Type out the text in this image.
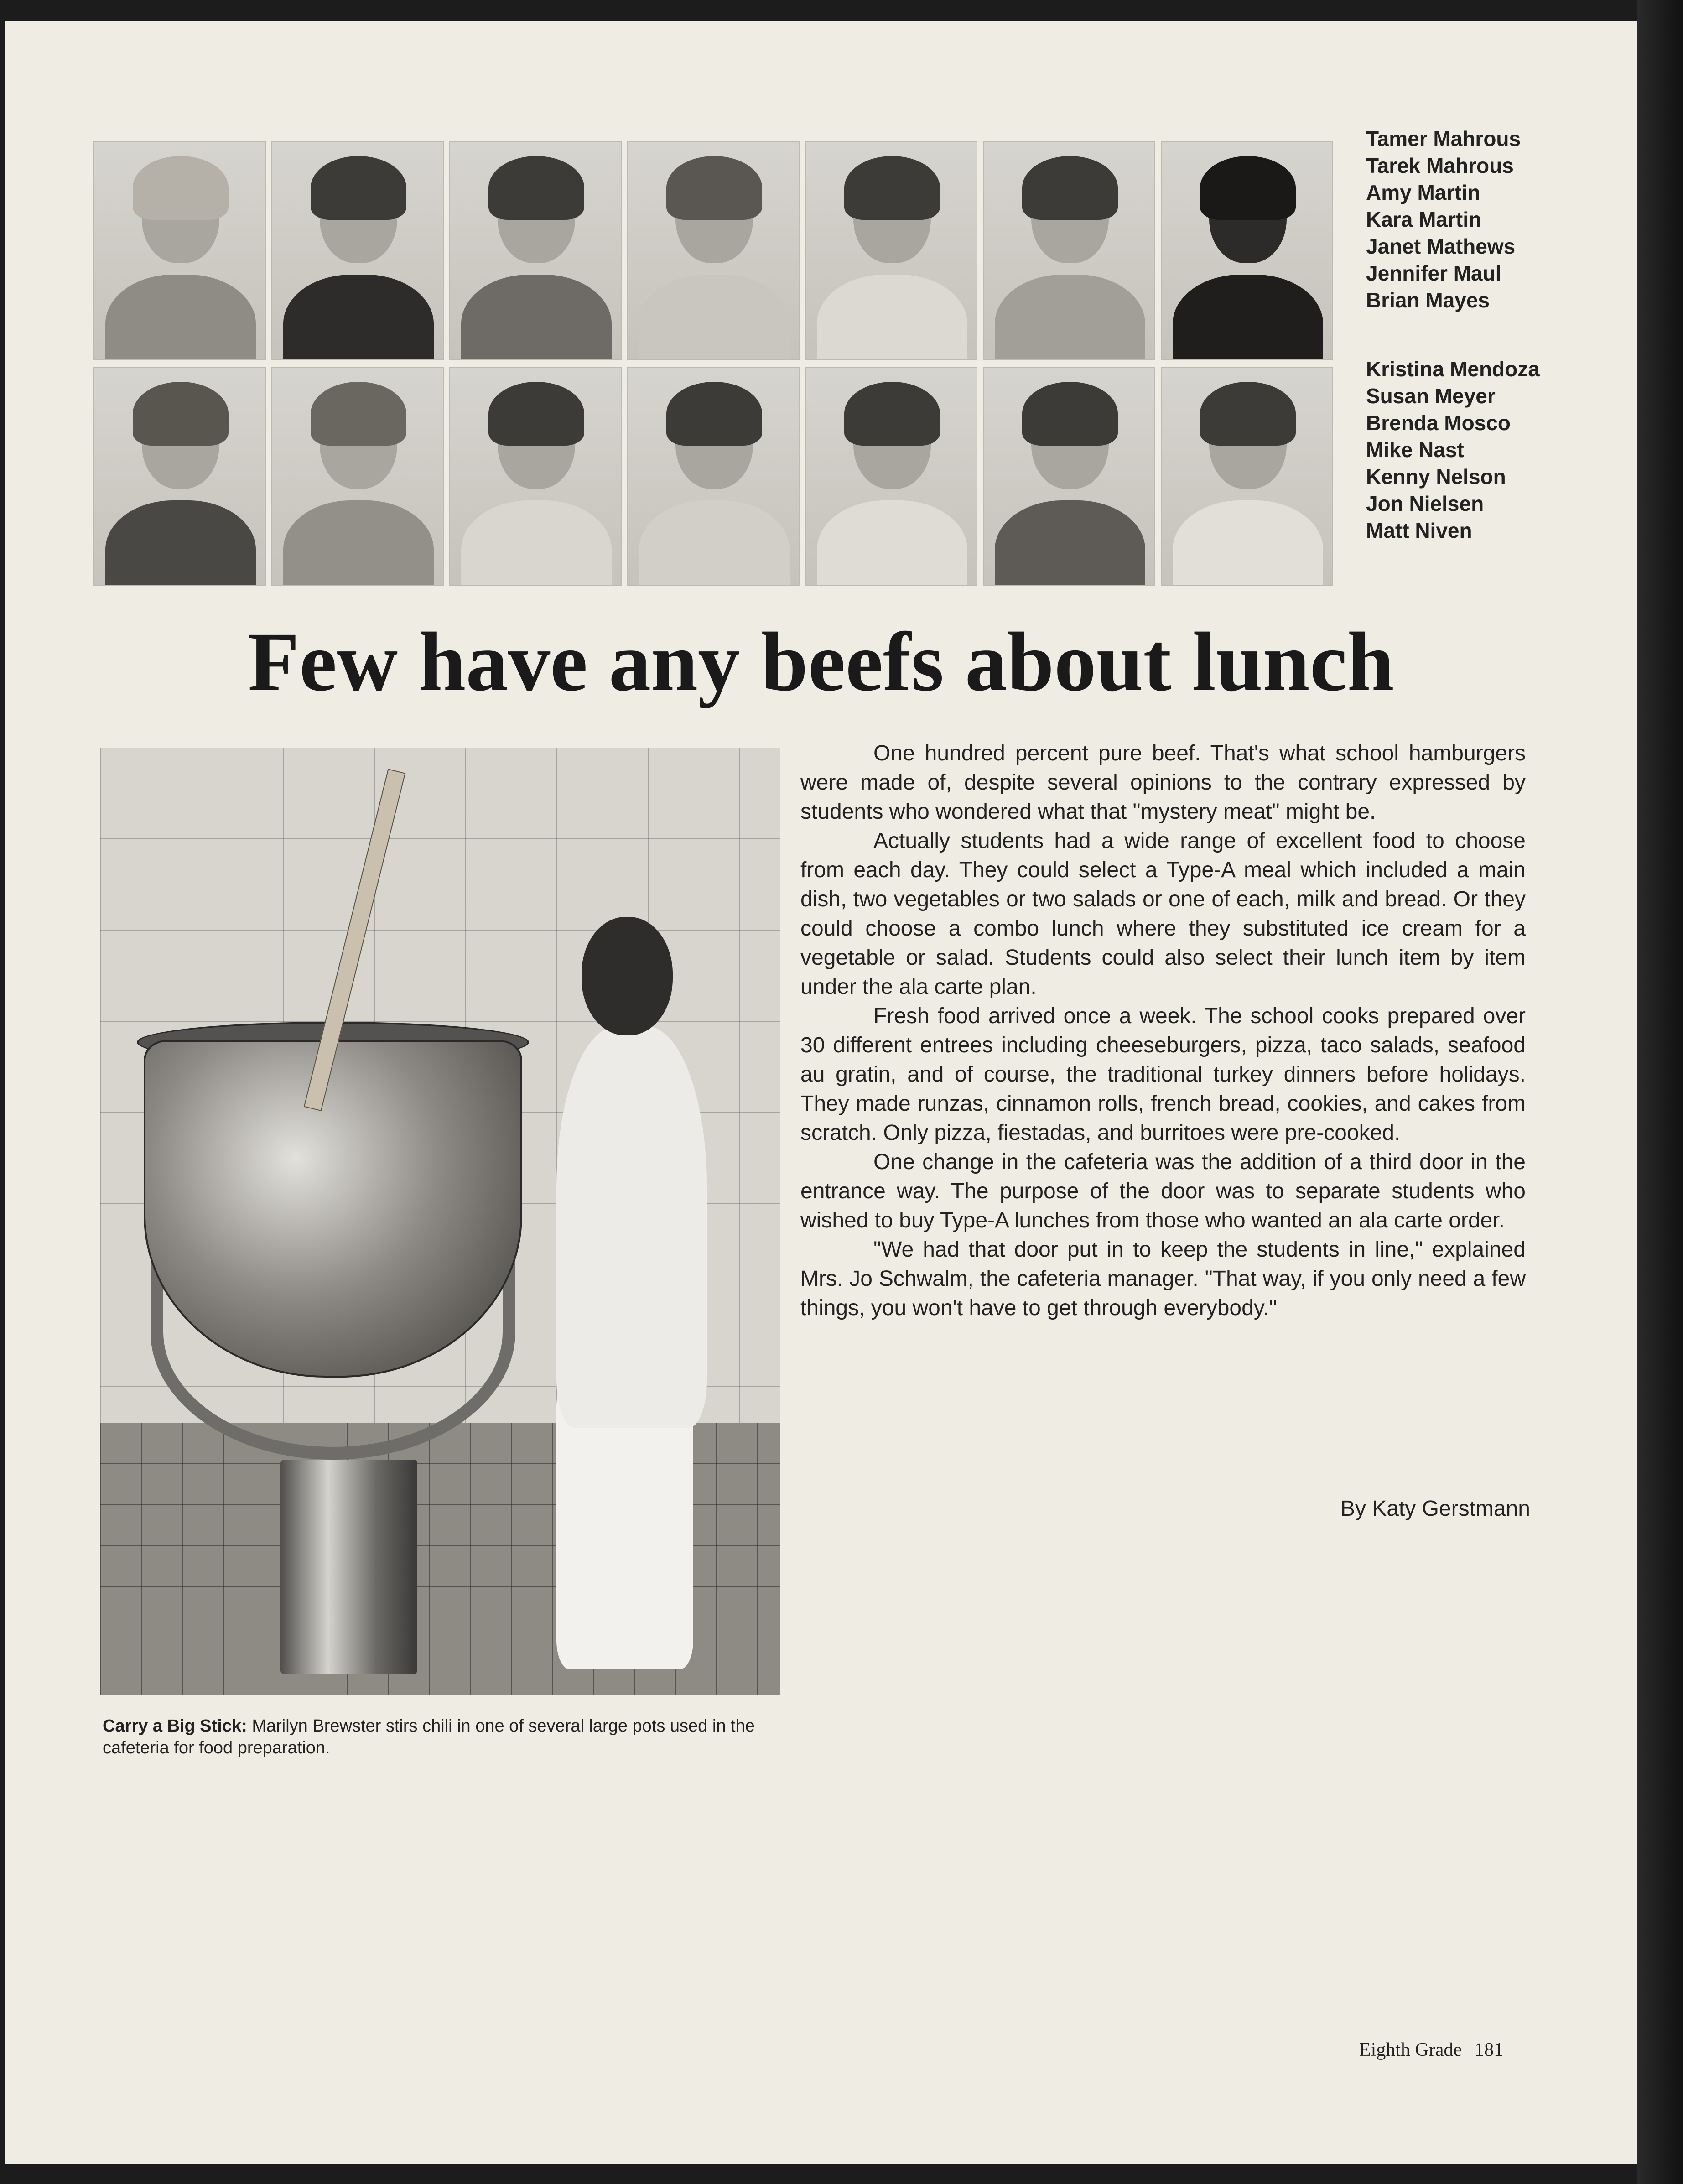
Tamer Mahrous
Tarek Mahrous
Amy Martin
Kara Martin
Janet Mathews
Jennifer Maul
Brian Mayes
Kristina Mendoza
Susan Meyer
Brenda Mosco
Mike Nast
Kenny Nelson
Jon Nielsen
Matt Niven
Few have any beefs about lunch
Carry a Big Stick: Marilyn Brewster stirs chili in one of several large pots used in the cafeteria for food preparation.

One hundred percent pure beef. That's what school hamburgers were made of, despite several opinions to the contrary expressed by students who wondered what that "mystery meat" might be.

Actually students had a wide range of excellent food to choose from each day. They could select a Type-A meal which included a main dish, two vegetables or two salads or one of each, milk and bread. Or they could choose a combo lunch where they substituted ice cream for a vegetable or salad. Students could also select their lunch item by item under the ala carte plan.

Fresh food arrived once a week. The school cooks prepared over 30 different entrees including cheeseburgers, pizza, taco salads, seafood au gratin, and of course, the traditional turkey dinners before holidays. They made runzas, cinnamon rolls, french bread, cookies, and cakes from scratch. Only pizza, fiestadas, and burritoes were pre-cooked.

One change in the cafeteria was the addition of a third door in the entrance way. The purpose of the door was to separate students who wished to buy Type-A lunches from those who wanted an ala carte order.

"We had that door put in to keep the students in line," explained Mrs. Jo Schwalm, the cafeteria manager. "That way, if you only need a few things, you won't have to get through everybody."

By Katy Gerstmann
Eighth Grade 181
